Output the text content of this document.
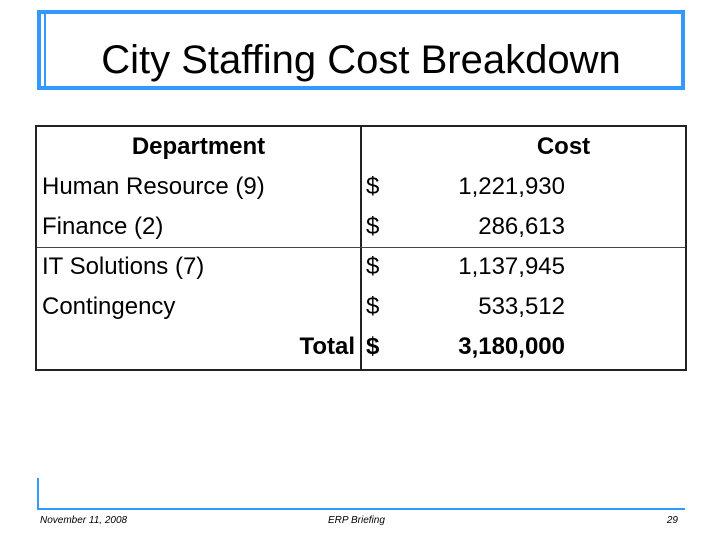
City Staffing Cost Breakdown
Department	Cost
Human Resource (9)	$	1,221,930
Finance (2)	$	286,613
IT Solutions (7)	$	1,137,945
Contingency	$	533,512
Total $	3,180,000
November 11, 2008	ERP Briefing	29
